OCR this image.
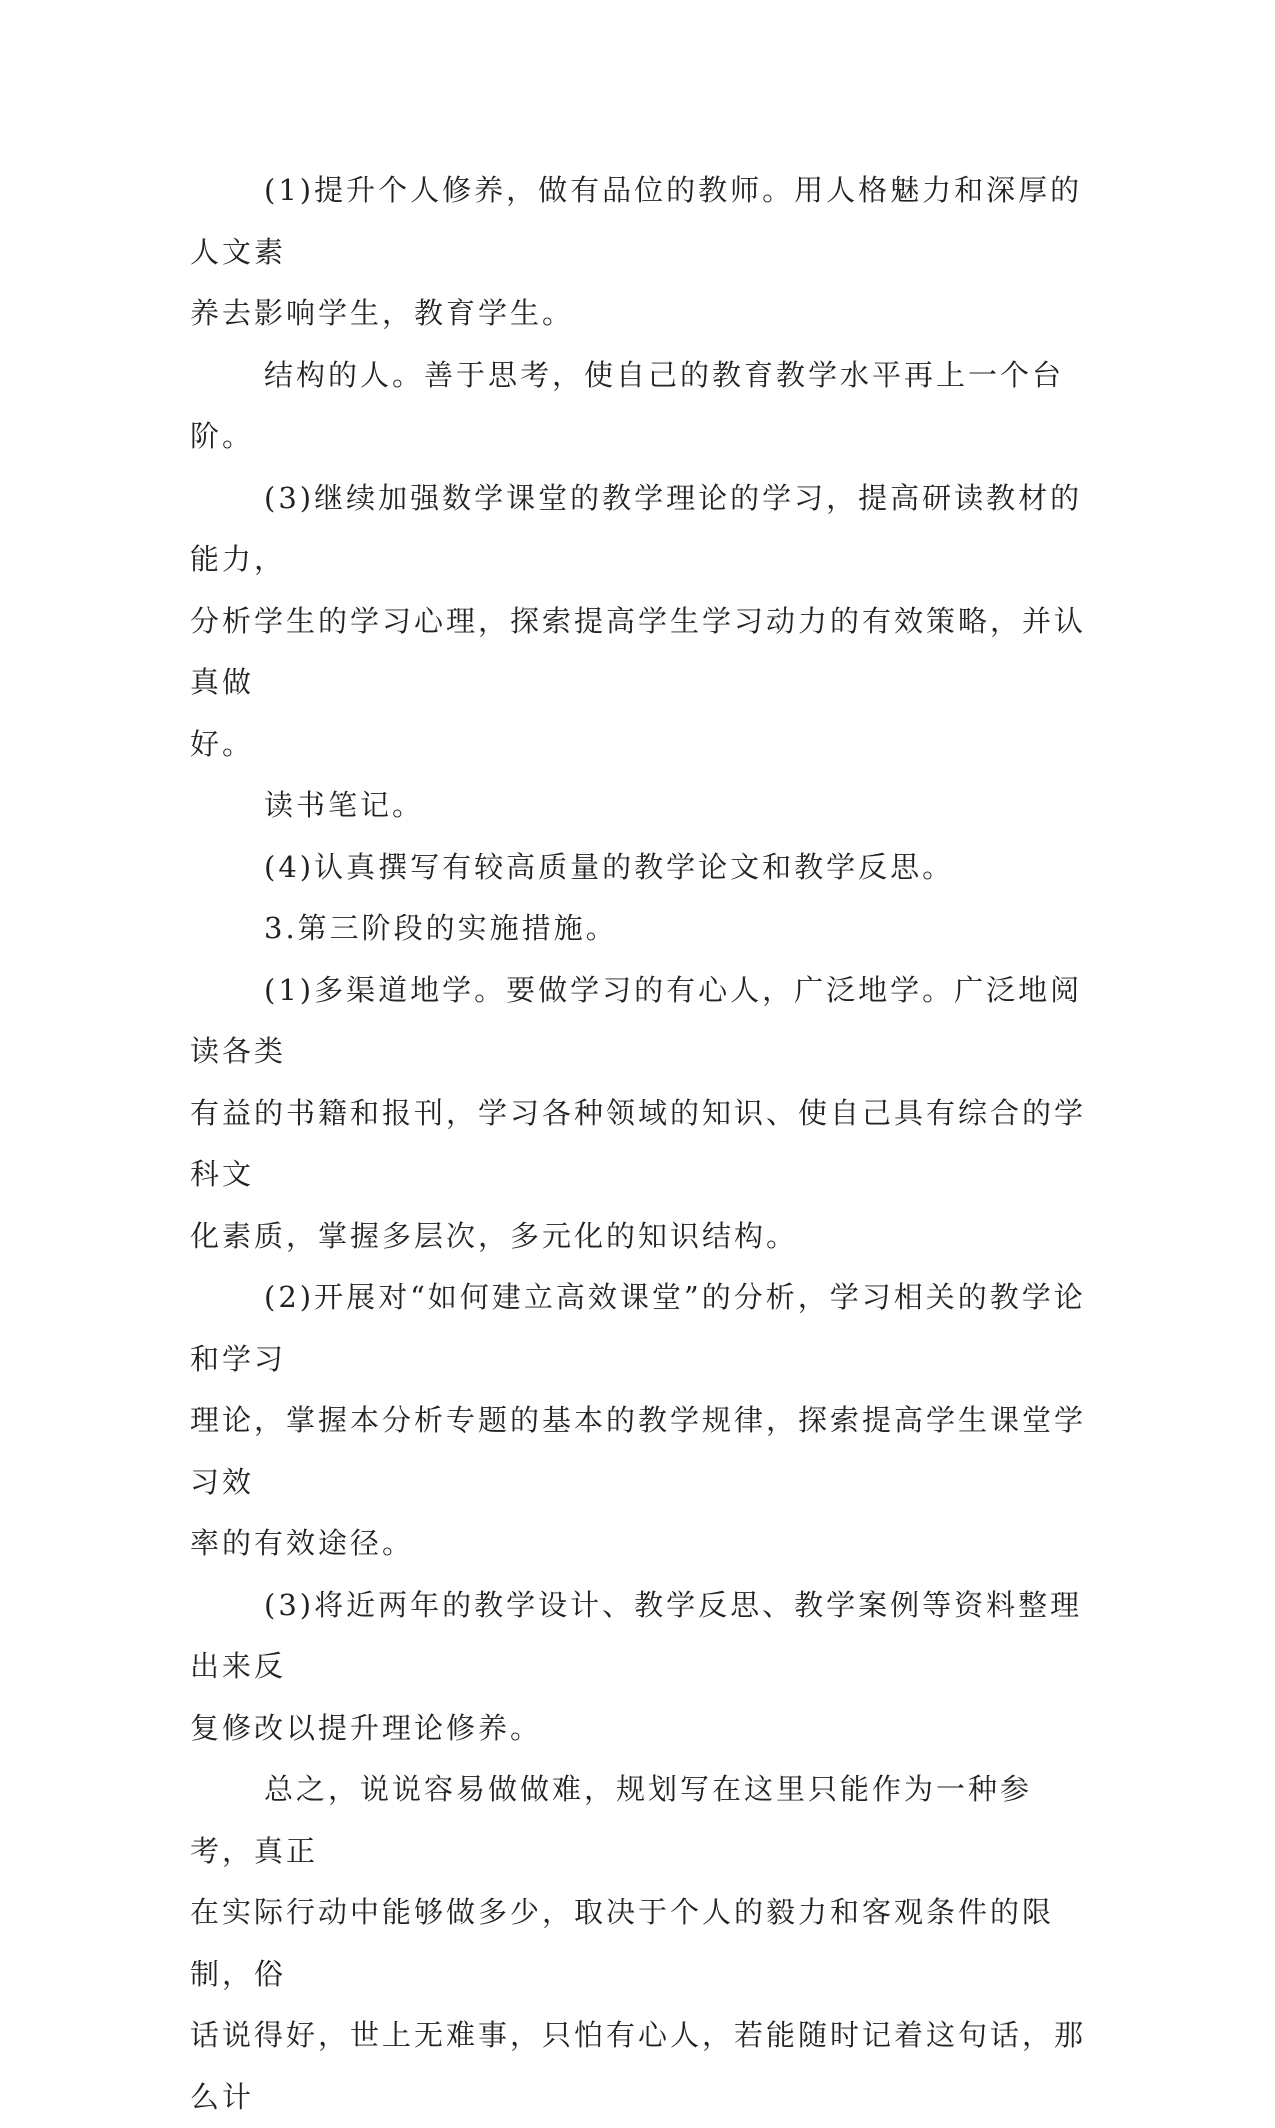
(1)提升个人修养，做有品位的教师。用人格魅力和深厚的人文素
养去影响学生，教育学生。

结构的人。善于思考，使自己的教育教学水平再上一个台阶。

(3)继续加强数学课堂的教学理论的学习，提高研读教材的能力，
分析学生的学习心理，探索提高学生学习动力的有效策略，并认真做
好。

读书笔记。

(4)认真撰写有较高质量的教学论文和教学反思。

3.第三阶段的实施措施。

(1)多渠道地学。要做学习的有心人，广泛地学。广泛地阅读各类
有益的书籍和报刊，学习各种领域的知识、使自己具有综合的学科文
化素质，掌握多层次，多元化的知识结构。

(2)开展对“如何建立高效课堂”的分析，学习相关的教学论和学习
理论，掌握本分析专题的基本的教学规律，探索提高学生课堂学习效
率的有效途径。

(3)将近两年的教学设计、教学反思、教学案例等资料整理出来反
复修改以提升理论修养。

总之，说说容易做做难，规划写在这里只能作为一种参考，真正
在实际行动中能够做多少，取决于个人的毅力和客观条件的限制，俗
话说得好，世上无难事，只怕有心人，若能随时记着这句话，那么计
